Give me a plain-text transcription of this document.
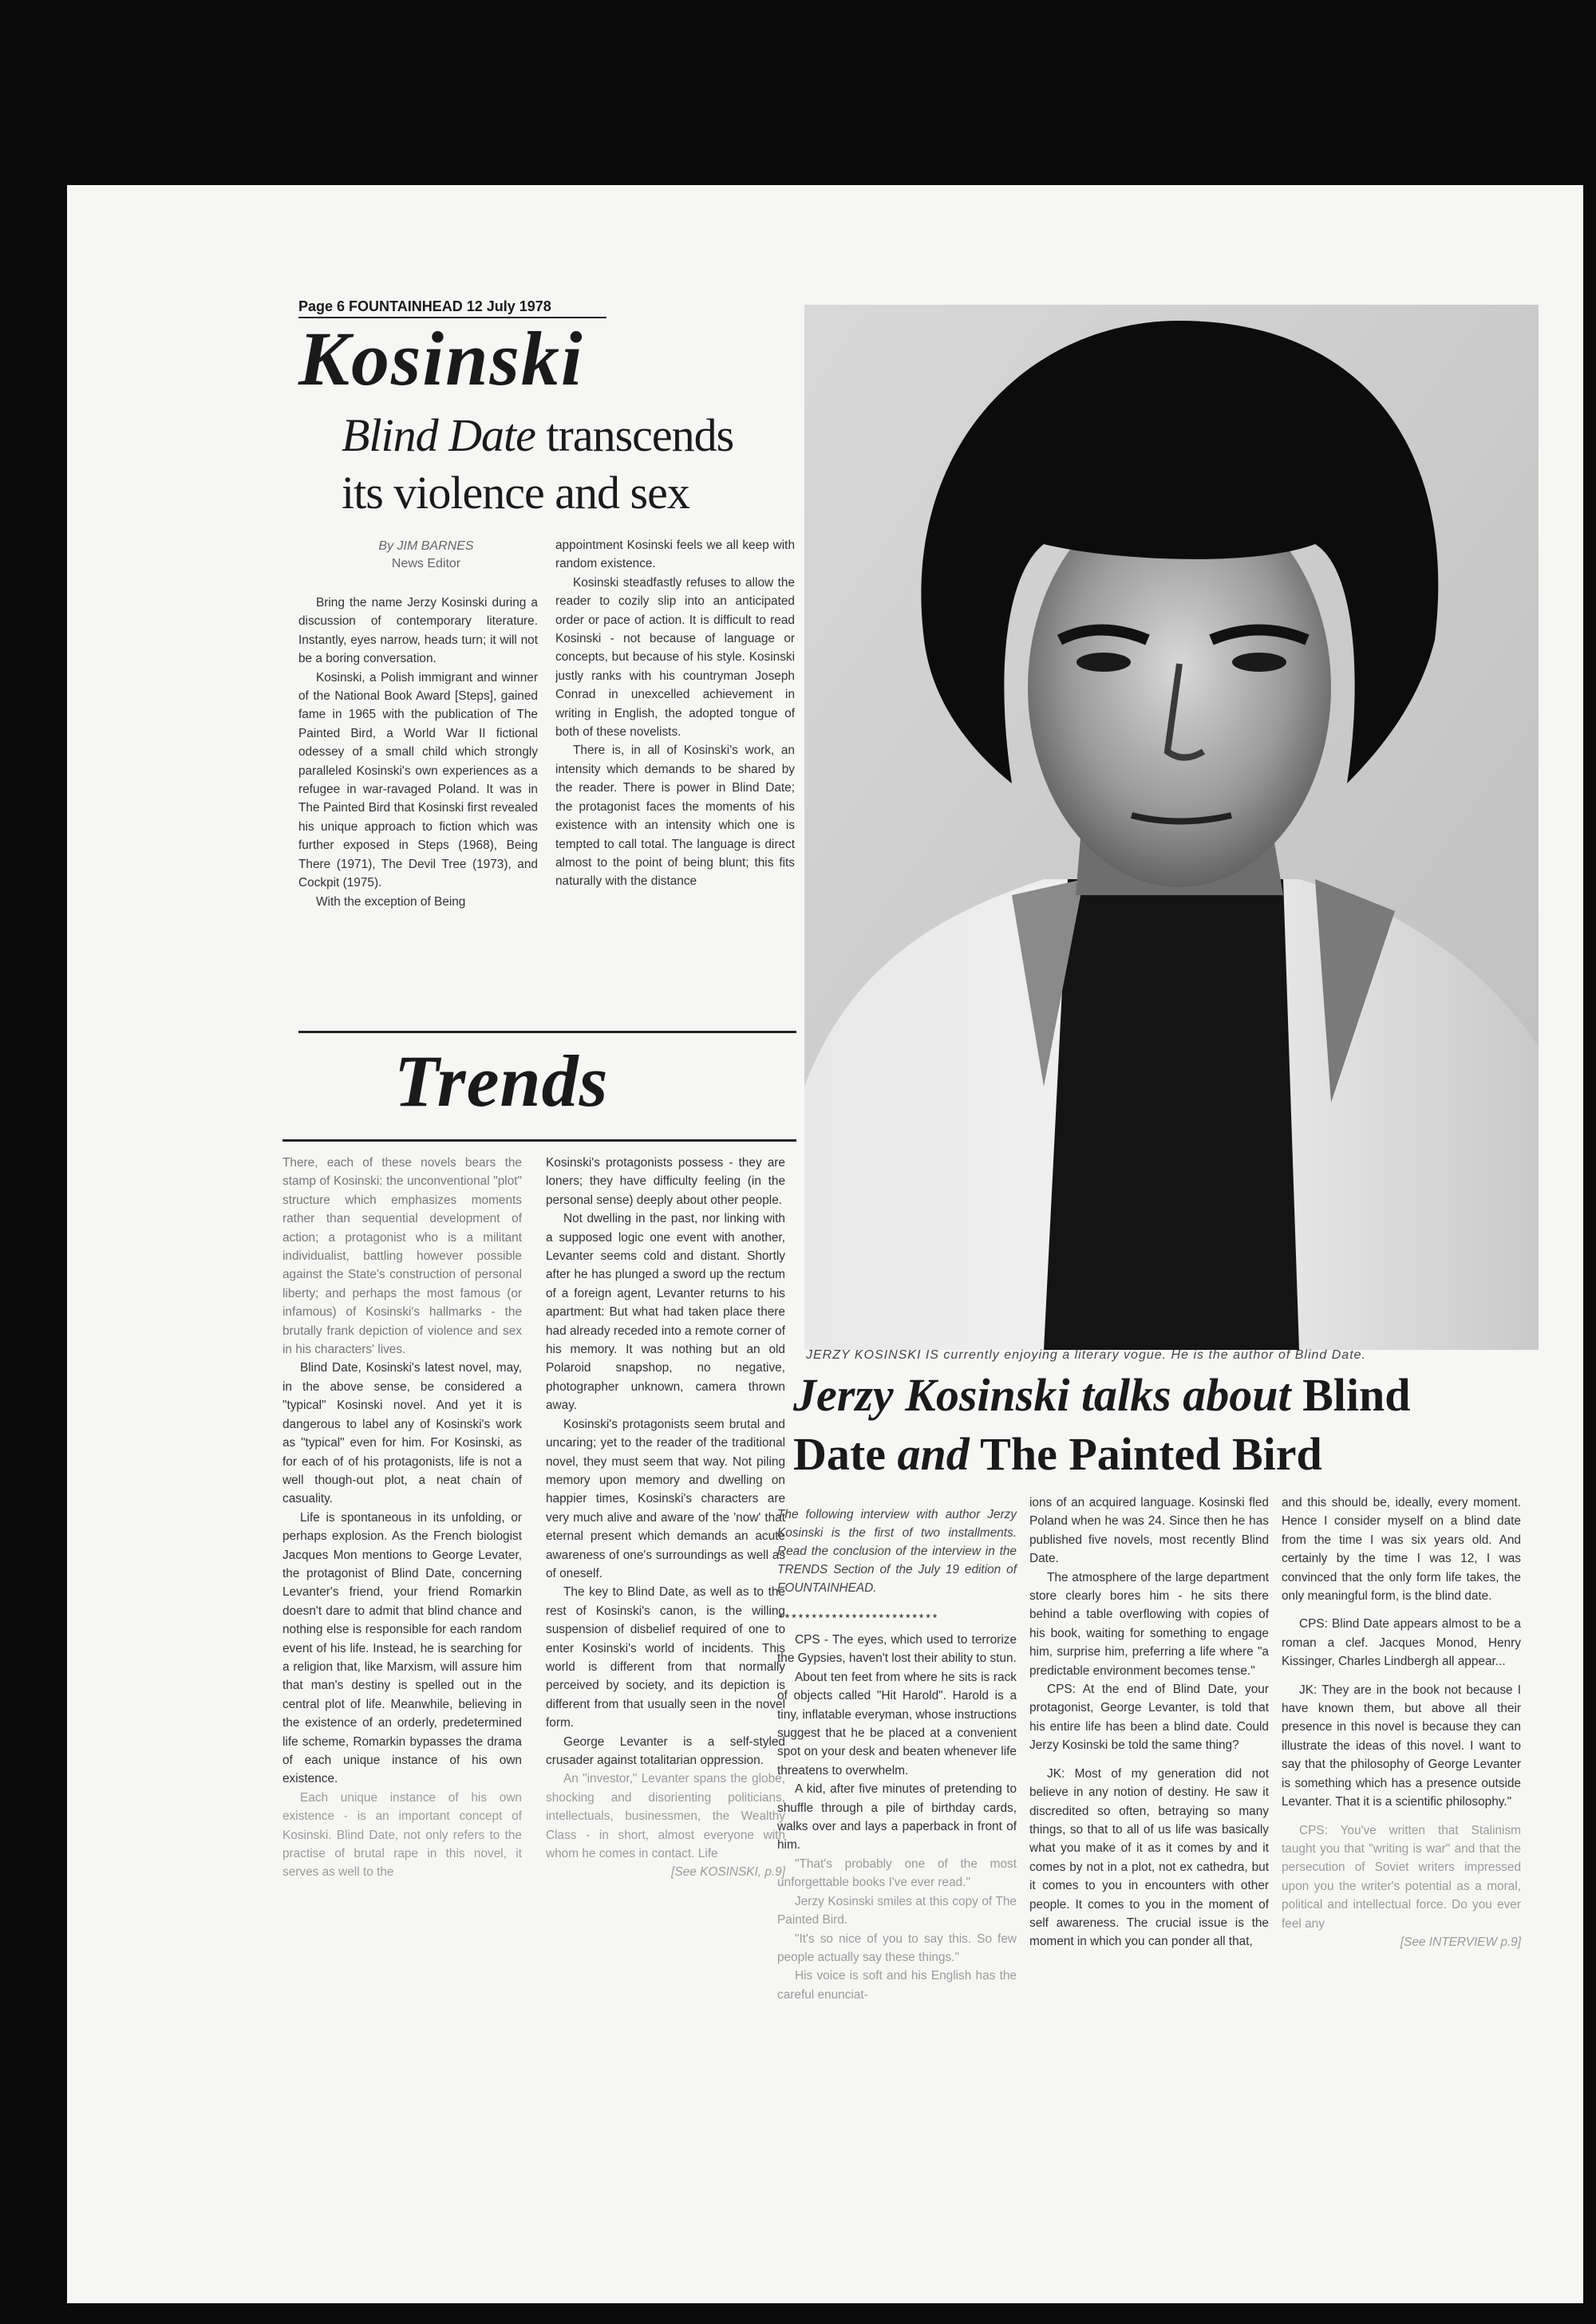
Page 6 FOUNTAINHEAD 12 July 1978
Kosinski
Blind Date transcends
its violence and sex
By JIM BARNES
News Editor

Bring the name Jerzy Kosinski during a discussion of contemporary literature. Instantly, eyes narrow, heads turn; it will not be a boring conversation.

Kosinski, a Polish immigrant and winner of the National Book Award [Steps], gained fame in 1965 with the publication of The Painted Bird, a World War II fictional odessey of a small child which strongly paralleled Kosinski's own experiences as a refugee in war-ravaged Poland. It was in The Painted Bird that Kosinski first revealed his unique approach to fiction which was further exposed in Steps (1968), Being There (1971), The Devil Tree (1973), and Cockpit (1975).

With the exception of Being

appointment Kosinski feels we all keep with random existence.

Kosinski steadfastly refuses to allow the reader to cozily slip into an anticipated order or pace of action. It is difficult to read Kosinski - not because of language or concepts, but because of his style. Kosinski justly ranks with his countryman Joseph Conrad in unexcelled achievement in writing in English, the adopted tongue of both of these novelists.

There is, in all of Kosinski's work, an intensity which demands to be shared by the reader. There is power in Blind Date; the protagonist faces the moments of his existence with an intensity which one is tempted to call total. The language is direct almost to the point of being blunt; this fits naturally with the distance

Trends

There, each of these novels bears the stamp of Kosinski: the unconventional "plot" structure which emphasizes moments rather than sequential development of action; a protagonist who is a militant individualist, battling however possible against the State's construction of personal liberty; and perhaps the most famous (or infamous) of Kosinski's hallmarks - the brutally frank depiction of violence and sex in his characters' lives.

Blind Date, Kosinski's latest novel, may, in the above sense, be considered a "typical" Kosinski novel. And yet it is dangerous to label any of Kosinski's work as "typical" even for him. For Kosinski, as for each of of his protagonists, life is not a well though-out plot, a neat chain of casuality.

Life is spontaneous in its unfolding, or perhaps explosion. As the French biologist Jacques Mon mentions to George Levater, the protagonist of Blind Date, concerning Levanter's friend, your friend Romarkin doesn't dare to admit that blind chance and nothing else is responsible for each random event of his life. Instead, he is searching for a religion that, like Marxism, will assure him that man's destiny is spelled out in the central plot of life. Meanwhile, believing in the existence of an orderly, predetermined life scheme, Romarkin bypasses the drama of each unique instance of his own existence.

Each unique instance of his own existence - is an important concept of Kosinski. Blind Date, not only refers to the practise of brutal rape in this novel, it serves as well to the

Kosinski's protagonists possess - they are loners; they have difficulty feeling (in the personal sense) deeply about other people.

Not dwelling in the past, nor linking with a supposed logic one event with another, Levanter seems cold and distant. Shortly after he has plunged a sword up the rectum of a foreign agent, Levanter returns to his apartment: But what had taken place there had already receded into a remote corner of his memory. It was nothing but an old Polaroid snapshop, no negative, photographer unknown, camera thrown away.

Kosinski's protagonists seem brutal and uncaring; yet to the reader of the traditional novel, they must seem that way. Not piling memory upon memory and dwelling on happier times, Kosinski's characters are very much alive and aware of the 'now' that eternal present which demands an acute awareness of one's surroundings as well as of oneself.

The key to Blind Date, as well as to the rest of Kosinski's canon, is the willing suspension of disbelief required of one to enter Kosinski's world of incidents. This world is different from that normally perceived by society, and its depiction is different from that usually seen in the novel form.

George Levanter is a self-styled crusader against totalitarian oppression.

An "investor," Levanter spans the globe, shocking and disorienting politicians, intellectuals, businessmen, the Wealthy Class - in short, almost everyone with whom he comes in contact. Life

[See KOSINSKI, p.9]

JERZY KOSINSKI IS currently enjoying a literary vogue. He is the author of Blind Date.
Jerzy Kosinski talks about Blind
Date and The Painted Bird
The following interview with author Jerzy Kosinski is the first of two installments. Read the conclusion of the interview in the TRENDS Section of the July 19 edition of FOUNTAINHEAD.
************************

CPS - The eyes, which used to terrorize the Gypsies, haven't lost their ability to stun.

About ten feet from where he sits is rack of objects called "Hit Harold". Harold is a tiny, inflatable everyman, whose instructions suggest that he be placed at a convenient spot on your desk and beaten whenever life threatens to overwhelm.

A kid, after five minutes of pretending to shuffle through a pile of birthday cards, walks over and lays a paperback in front of him.

"That's probably one of the most unforgettable books I've ever read."

Jerzy Kosinski smiles at this copy of The Painted Bird.

"It's so nice of you to say this. So few people actually say these things."

His voice is soft and his English has the careful enunciat-

ions of an acquired language. Kosinski fled Poland when he was 24. Since then he has published five novels, most recently Blind Date.

The atmosphere of the large department store clearly bores him - he sits there behind a table overflowing with copies of his book, waiting for something to engage him, surprise him, preferring a life where "a predictable environment becomes tense."

CPS: At the end of Blind Date, your protagonist, George Levanter, is told that his entire life has been a blind date. Could Jerzy Kosinski be told the same thing?

JK: Most of my generation did not believe in any notion of destiny. He saw it discredited so often, betraying so many things, so that to all of us life was basically what you make of it as it comes by and it comes by not in a plot, not ex cathedra, but it comes to you in encounters with other people. It comes to you in the moment of self awareness. The crucial issue is the moment in which you can ponder all that,

and this should be, ideally, every moment. Hence I consider myself on a blind date from the time I was six years old. And certainly by the time I was 12, I was convinced that the only form life takes, the only meaningful form, is the blind date.

CPS: Blind Date appears almost to be a roman a clef. Jacques Monod, Henry Kissinger, Charles Lindbergh all appear...

JK: They are in the book not because I have known them, but above all their presence in this novel is because they can illustrate the ideas of this novel. I want to say that the philosophy of George Levanter is something which has a presence outside Levanter. That it is a scientific philosophy."

CPS: You've written that Stalinism taught you that "writing is war" and that the persecution of Soviet writers impressed upon you the writer's potential as a moral, political and intellectual force. Do you ever feel any

[See INTERVIEW p.9]
